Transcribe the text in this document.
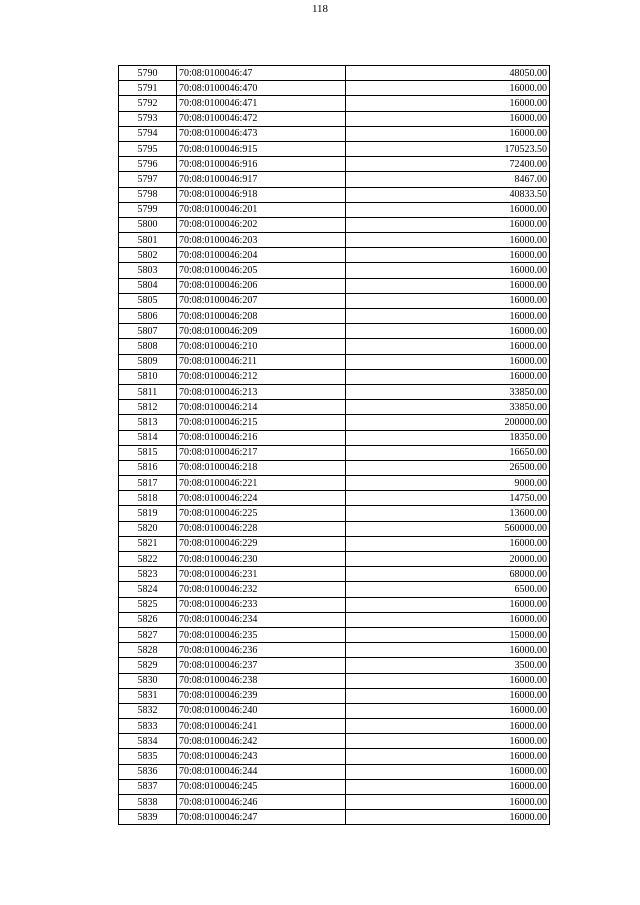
118
5790	70:08:0100046:47	48050.00
5791	70:08:0100046:470	16000.00
5792	70:08:0100046:471	16000.00
5793	70:08:0100046:472	16000.00
5794	70:08:0100046:473	16000.00
5795	70:08:0100046:915	170523.50
5796	70:08:0100046:916	72400.00
5797	70:08:0100046:917	8467.00
5798	70:08:0100046:918	40833.50
5799	70:08:0100046:201	16000.00
5800	70:08:0100046:202	16000.00
5801	70:08:0100046:203	16000.00
5802	70:08:0100046:204	16000.00
5803	70:08:0100046:205	16000.00
5804	70:08:0100046:206	16000.00
5805	70:08:0100046:207	16000.00
5806	70:08:0100046:208	16000.00
5807	70:08:0100046:209	16000.00
5808	70:08:0100046:210	16000.00
5809	70:08:0100046:211	16000.00
5810	70:08:0100046:212	16000.00
5811	70:08:0100046:213	33850.00
5812	70:08:0100046:214	33850.00
5813	70:08:0100046:215	200000.00
5814	70:08:0100046:216	18350.00
5815	70:08:0100046:217	16650.00
5816	70:08:0100046:218	26500.00
5817	70:08:0100046:221	9000.00
5818	70:08:0100046:224	14750.00
5819	70:08:0100046:225	13600.00
5820	70:08:0100046:228	560000.00
5821	70:08:0100046:229	16000.00
5822	70:08:0100046:230	20000.00
5823	70:08:0100046:231	68000.00
5824	70:08:0100046:232	6500.00
5825	70:08:0100046:233	16000.00
5826	70:08:0100046:234	16000.00
5827	70:08:0100046:235	15000.00
5828	70:08:0100046:236	16000.00
5829	70:08:0100046:237	3500.00
5830	70:08:0100046:238	16000.00
5831	70:08:0100046:239	16000.00
5832	70:08:0100046:240	16000.00
5833	70:08:0100046:241	16000.00
5834	70:08:0100046:242	16000.00
5835	70:08:0100046:243	16000.00
5836	70:08:0100046:244	16000.00
5837	70:08:0100046:245	16000.00
5838	70:08:0100046:246	16000.00
5839	70:08:0100046:247	16000.00
